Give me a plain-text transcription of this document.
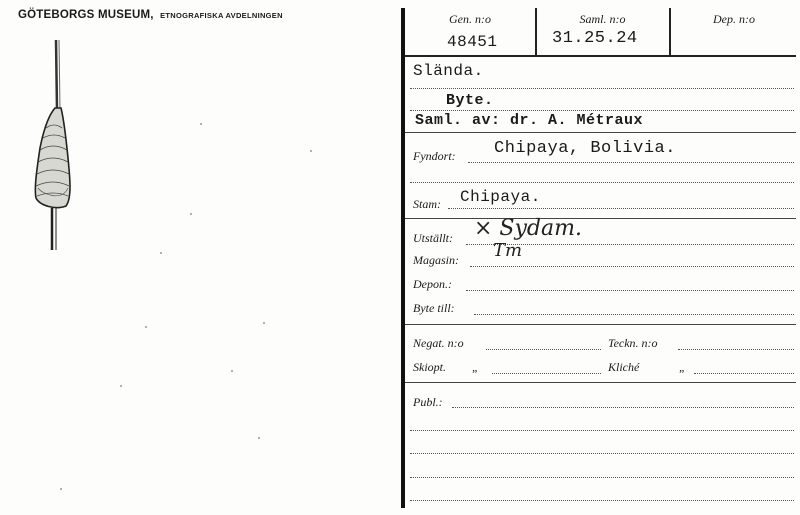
GÖTEBORGS MUSEUM, ETNOGRAFISKA AVDELNINGEN	Gen. n:o
48451
Saml. n:o
31.25.24
Dep. n:o
Slända.
Byte.
Saml. av: dr. A. Métraux
Fyndort: Chipaya, Bolivia.
Stam: Chipaya.
Utställt: × Sydam.
Magasin: Tm
Depon.:
Byte till:
Negat. n:o	Teckn. n:o
Skiopt. „	Kliché	„
Publ.:
